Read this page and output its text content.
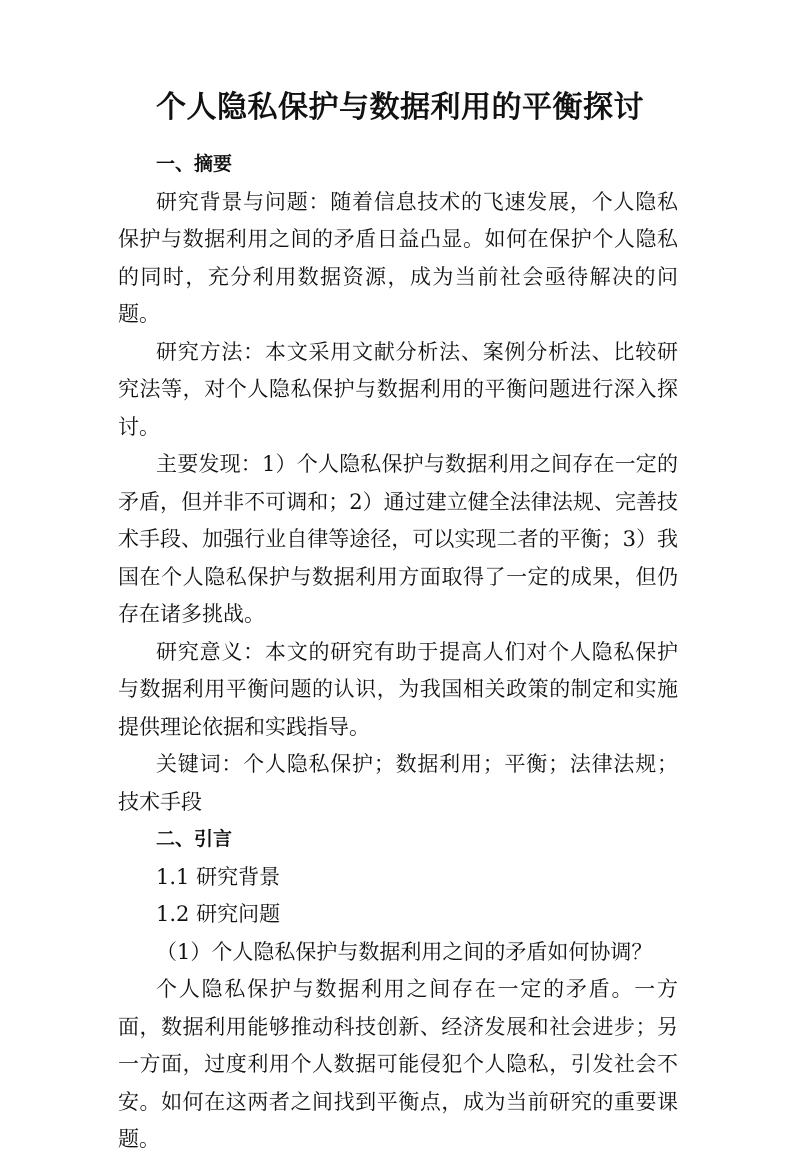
个人隐私保护与数据利用的平衡探讨
一、摘要

研究背景与问题：随着信息技术的飞速发展，个人隐私保护与数据利用之间的矛盾日益凸显。如何在保护个人隐私的同时，充分利用数据资源，成为当前社会亟待解决的问题。

研究方法：本文采用文献分析法、案例分析法、比较研究法等，对个人隐私保护与数据利用的平衡问题进行深入探讨。

主要发现：1）个人隐私保护与数据利用之间存在一定的矛盾，但并非不可调和；2）通过建立健全法律法规、完善技术手段、加强行业自律等途径，可以实现二者的平衡；3）我国在个人隐私保护与数据利用方面取得了一定的成果，但仍存在诸多挑战。

研究意义：本文的研究有助于提高人们对个人隐私保护与数据利用平衡问题的认识，为我国相关政策的制定和实施提供理论依据和实践指导。

关键词：个人隐私保护；数据利用；平衡；法律法规；技术手段

二、引言

1.1 研究背景

1.2 研究问题

（1）个人隐私保护与数据利用之间的矛盾如何协调？

个人隐私保护与数据利用之间存在一定的矛盾。一方面，数据利用能够推动科技创新、经济发展和社会进步；另一方面，过度利用个人数据可能侵犯个人隐私，引发社会不安。如何在这两者之间找到平衡点，成为当前研究的重要课题。
